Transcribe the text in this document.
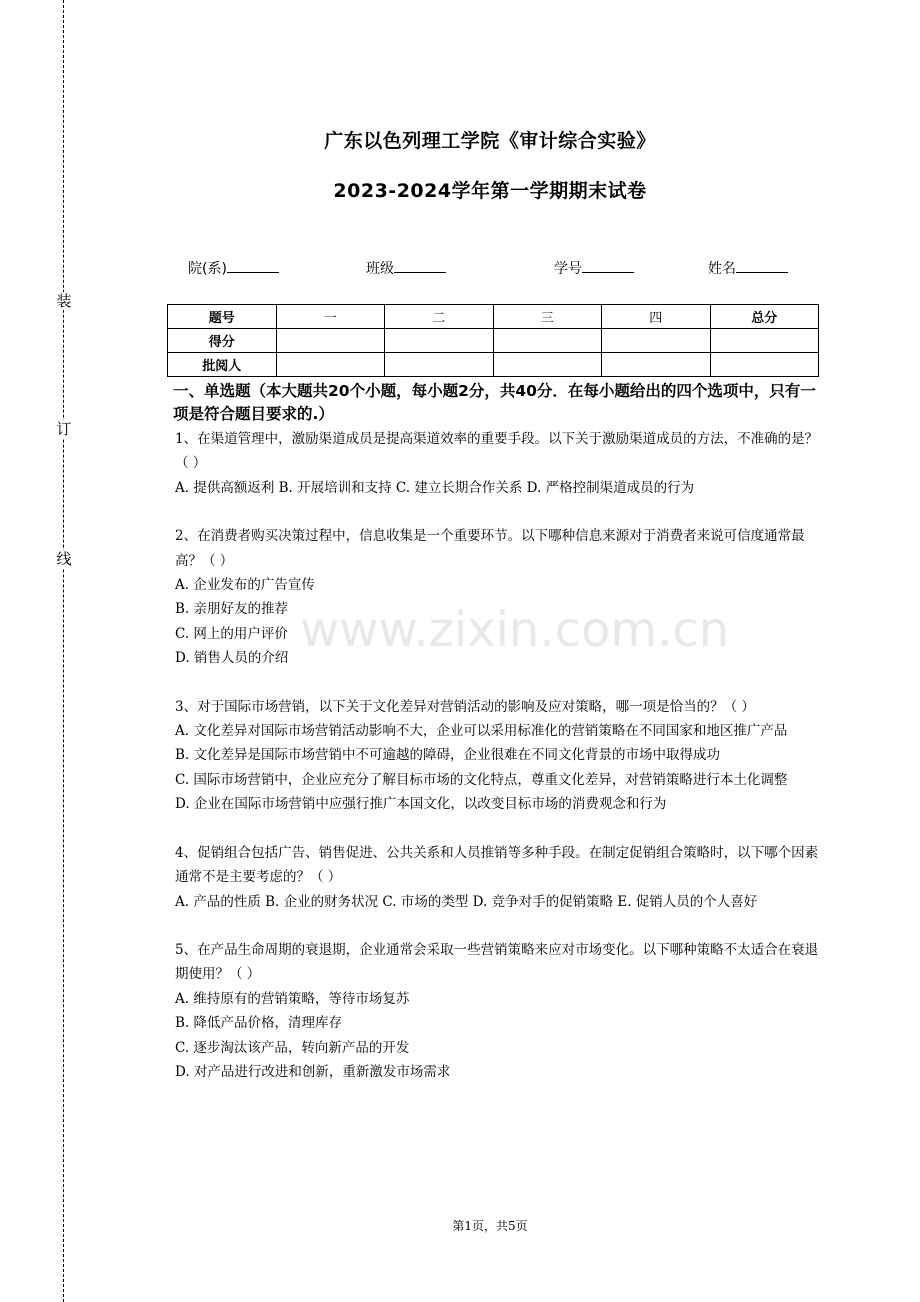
装
订
线
广东以色列理工学院《审计综合实验》
2023-2024学年第一学期期末试卷
院(系)	班级	学号	姓名
题号	一	二	三	四	总分
得分					
批阅人					
一、单选题（本大题共20个小题，每小题2分，共40分．在每小题给出的四个选项中，只有一项是符合题目要求的.）

1、在渠道管理中，激励渠道成员是提高渠道效率的重要手段。以下关于激励渠道成员的方法，不准确的是？（ ）

A. 提供高额返利 B. 开展培训和支持 C. 建立长期合作关系 D. 严格控制渠道成员的行为

2、在消费者购买决策过程中，信息收集是一个重要环节。以下哪种信息来源对于消费者来说可信度通常最高？（ ）

A. 企业发布的广告宣传

B. 亲朋好友的推荐

C. 网上的用户评价

D. 销售人员的介绍

3、对于国际市场营销，以下关于文化差异对营销活动的影响及应对策略，哪一项是恰当的？（ ）

A. 文化差异对国际市场营销活动影响不大，企业可以采用标准化的营销策略在不同国家和地区推广产品

B. 文化差异是国际市场营销中不可逾越的障碍，企业很难在不同文化背景的市场中取得成功

C. 国际市场营销中，企业应充分了解目标市场的文化特点，尊重文化差异，对营销策略进行本土化调整

D. 企业在国际市场营销中应强行推广本国文化，以改变目标市场的消费观念和行为

4、促销组合包括广告、销售促进、公共关系和人员推销等多种手段。在制定促销组合策略时，以下哪个因素通常不是主要考虑的？（ ）

A. 产品的性质 B. 企业的财务状况 C. 市场的类型 D. 竞争对手的促销策略 E. 促销人员的个人喜好

5、在产品生命周期的衰退期，企业通常会采取一些营销策略来应对市场变化。以下哪种策略不太适合在衰退期使用？（ ）

A. 维持原有的营销策略，等待市场复苏

B. 降低产品价格，清理库存

C. 逐步淘汰该产品，转向新产品的开发

D. 对产品进行改进和创新，重新激发市场需求

www.zixin.com.cn
第1页，共5页
